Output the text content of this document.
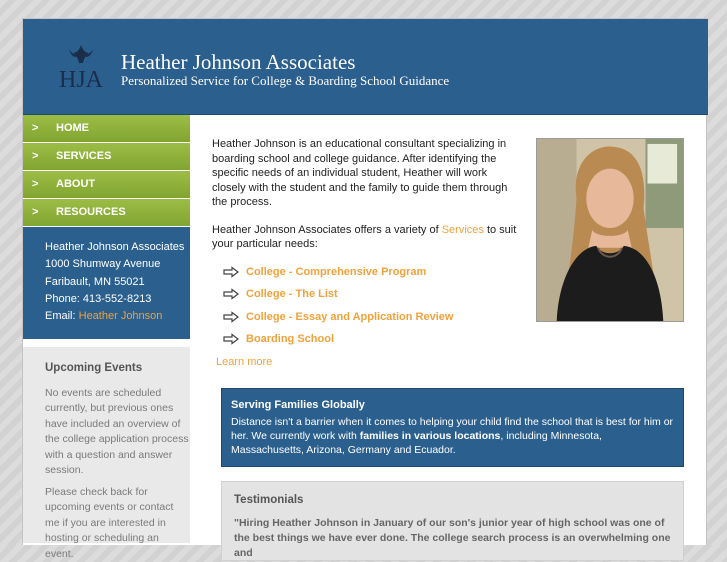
HJA
Heather Johnson Associates
Personalized Service for College & Boarding School Guidance
> HOME
> SERVICES
> ABOUT
> RESOURCES
Heather Johnson Associates
1000 Shumway Avenue
Faribault, MN 55021
Phone: 413-552-8213
Email: Heather Johnson
Upcoming Events

No events are scheduled currently, but previous ones have included an overview of the college application process with a question and answer session.

Please check back for upcoming events or contact me if you are interested in hosting or scheduling an event.

Heather Johnson is an educational consultant specializing in boarding school and college guidance. After identifying the specific needs of an individual student, Heather will work closely with the student and the family to guide them through the process.

Heather Johnson Associates offers a variety of Services to suit your particular needs:

College - Comprehensive Program
College - The List
College - Essay and Application Review
Boarding School
Learn more
Serving Families Globally

Distance isn't a barrier when it comes to helping your child find the school that is best for him or her. We currently work with families in various locations, including Minnesota, Massachusetts, Arizona, Germany and Ecuador.

Testimonials

"Hiring Heather Johnson in January of our son's junior year of high school was one of the best things we have ever done. The college search process is an overwhelming one and
